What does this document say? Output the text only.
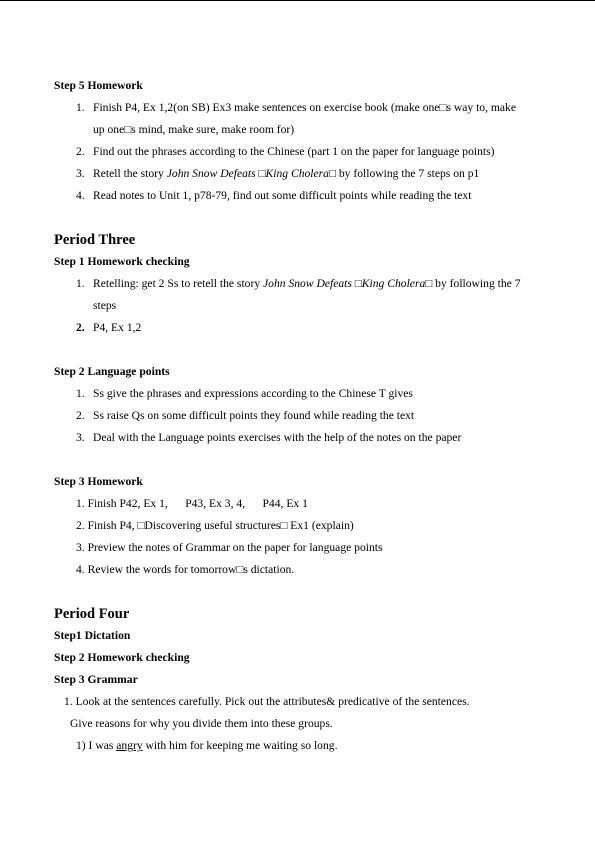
Step 5 Homework
1. Finish P4, Ex 1,2(on SB) Ex3 make sentences on exercise book (make one□s way to, make
up one□s mind, make sure, make room for)
2. Find out the phrases according to the Chinese (part 1 on the paper for language points)
3. Retell the story John Snow Defeats □King Cholera□ by following the 7 steps on p1
4. Read notes to Unit 1, p78-79, find out some difficult points while reading the text
Period Three
Step 1 Homework checking
1. Retelling: get 2 Ss to retell the story John Snow Defeats □King Cholera□ by following the 7
steps
2. P4, Ex 1,2
Step 2 Language points
1. Ss give the phrases and expressions according to the Chinese T gives
2. Ss raise Qs on some difficult points they found while reading the text
3. Deal with the Language points exercises with the help of the notes on the paper
Step 3 Homework
1. Finish P42, Ex 1,      P43, Ex 3, 4,      P44, Ex 1
2. Finish P4, □Discovering useful structures□ Ex1 (explain)
3. Preview the notes of Grammar on the paper for language points
4. Review the words for tomorrow□s dictation.
Period Four
Step1 Dictation
Step 2 Homework checking
Step 3 Grammar
1. Look at the sentences carefully. Pick out the attributes& predicative of the sentences.
Give reasons for why you divide them into these groups.
1) I was angry with him for keeping me waiting so long.
